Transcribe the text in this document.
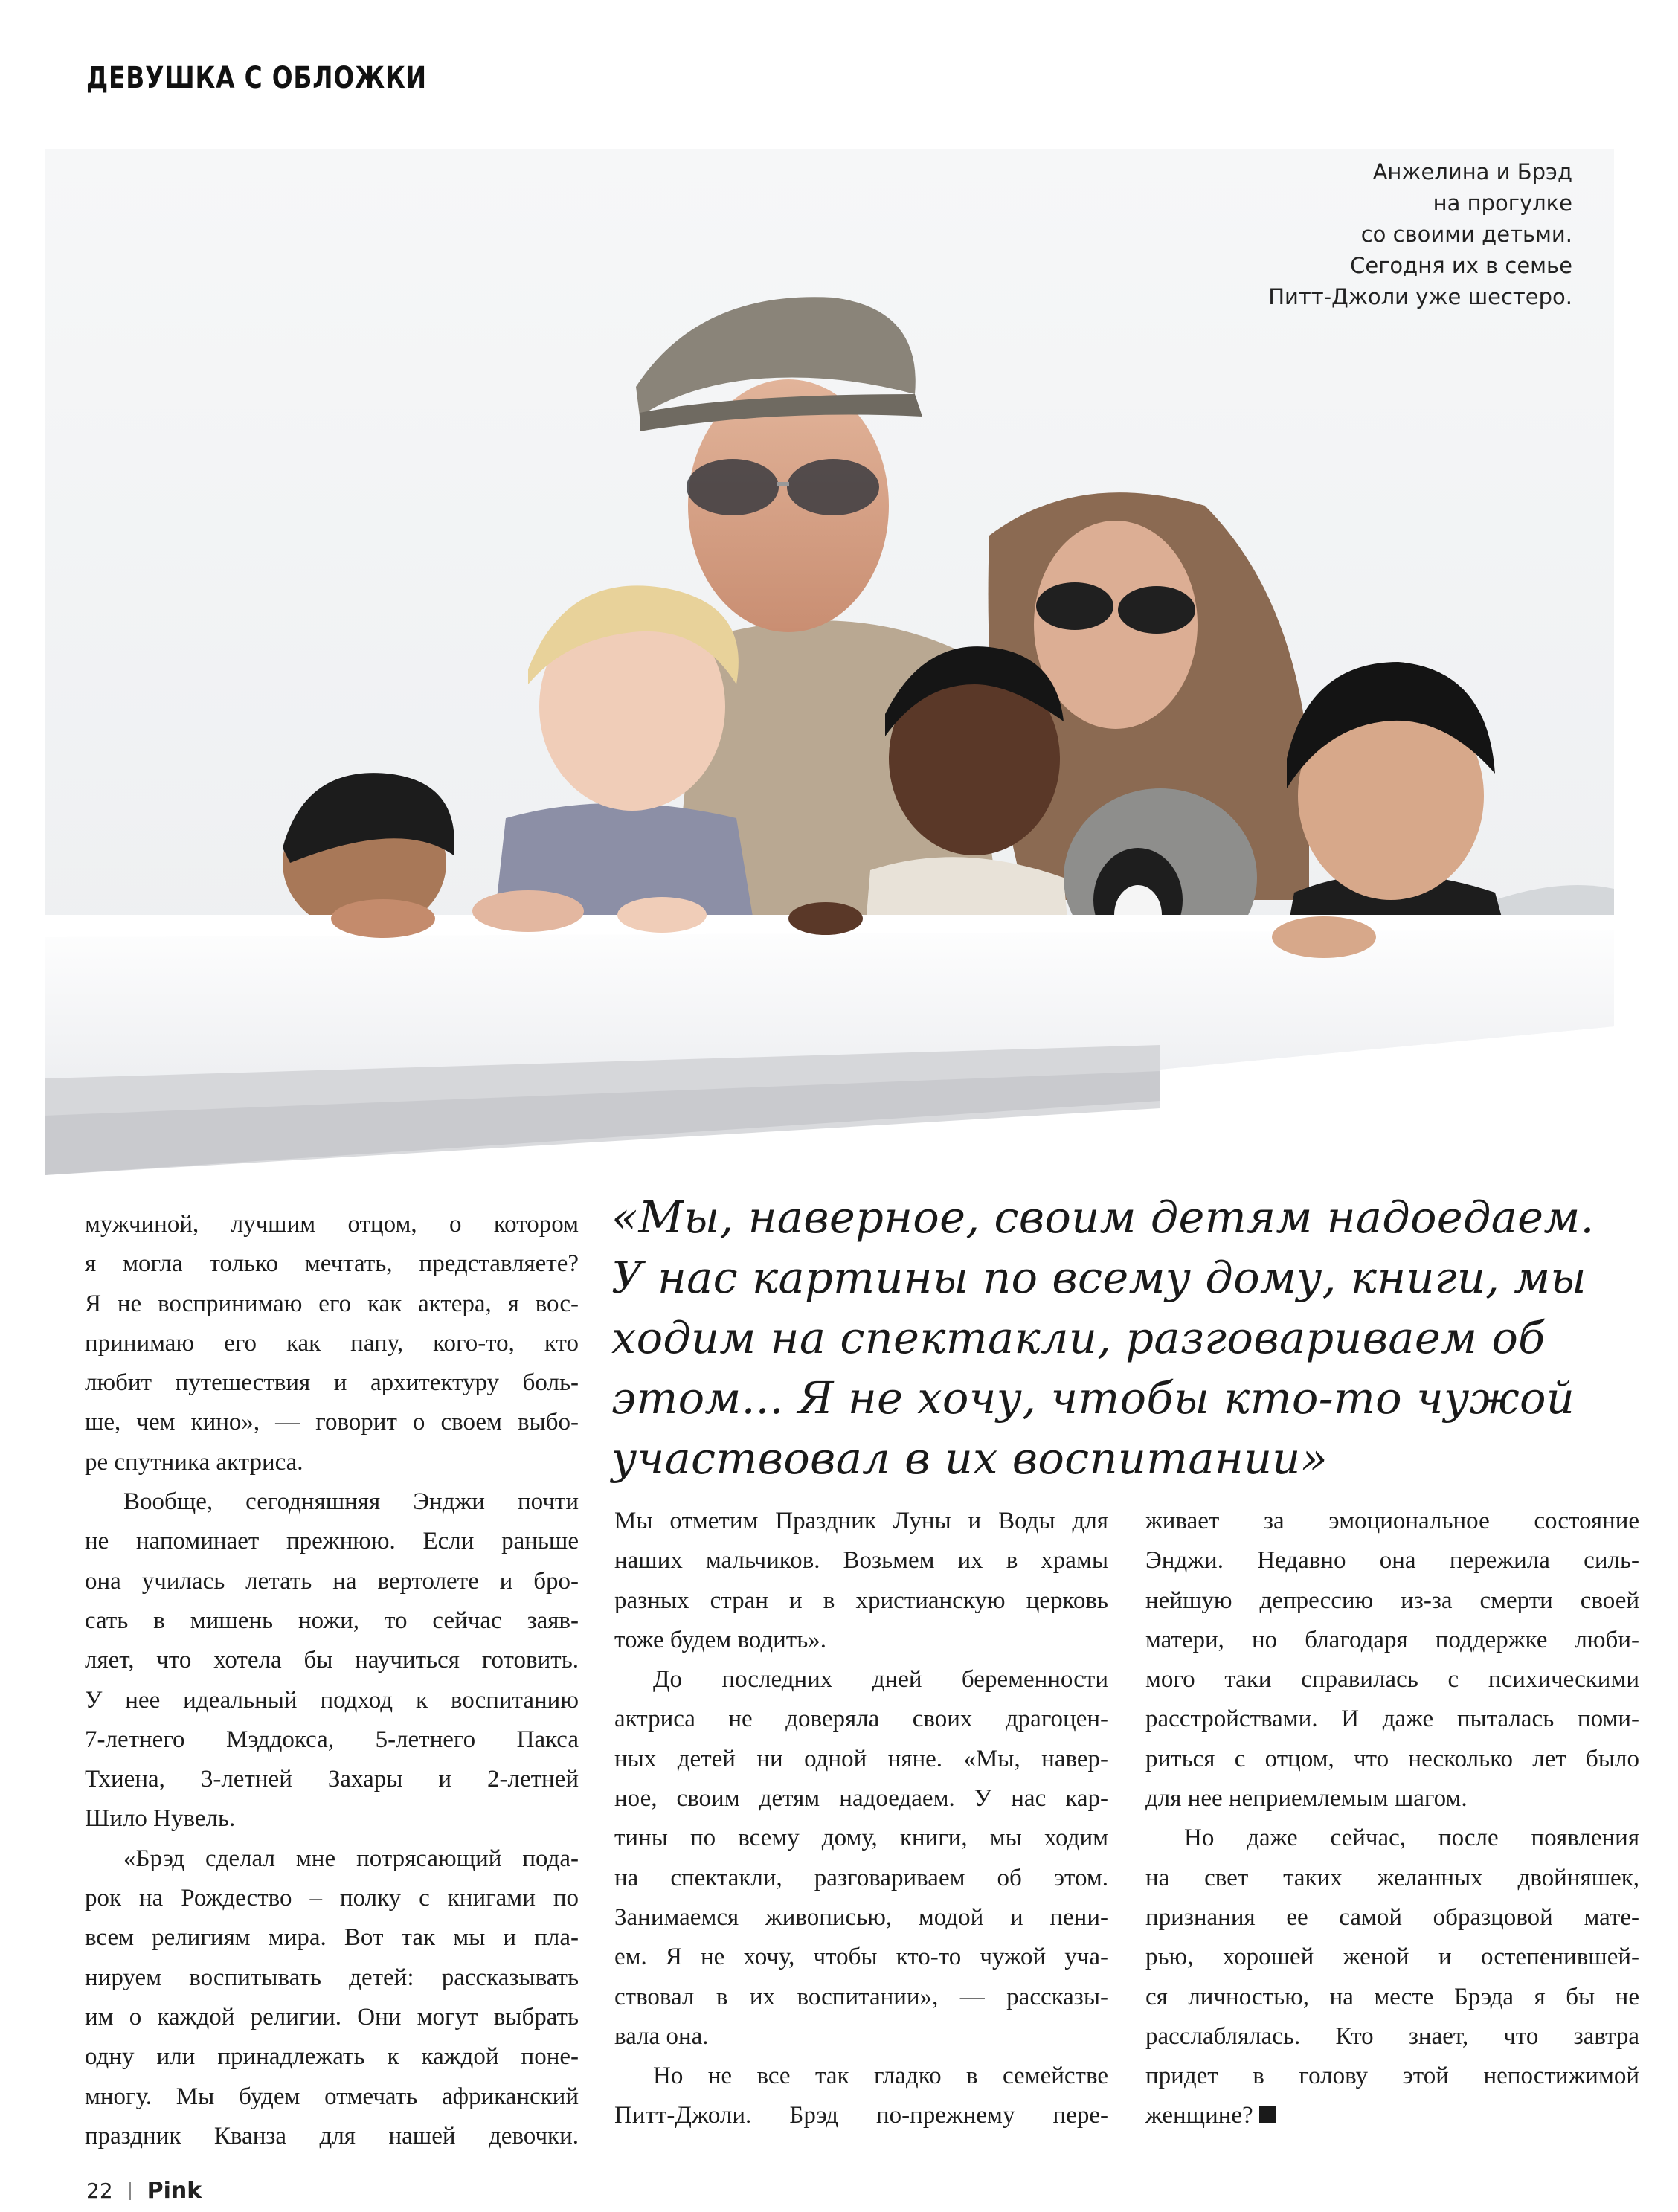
ДЕВУШКА С ОБЛОЖКИ
Анжелина и Брэд
на прогулке
со своими детьми.
Сегодня их в семье
Питт-Джоли уже шестеро.
«Мы, наверное, своим детям надоедаем.
У нас картины по всему дому, книги, мы
ходим на спектакли, разговариваем об
этом... Я не хочу, чтобы кто-то чужой
участвовал в их воспитании»
мужчиной, лучшим отцом, о котором
я могла только мечтать, представляете?
Я не воспринимаю его как актера, я вос-
принимаю его как папу, кого-то, кто
любит путешествия и архитектуру боль-
ше, чем кино», — говорит о своем выбо-
ре спутника актриса.
Вообще, сегодняшняя Энджи почти
не напоминает прежнюю. Если раньше
она училась летать на вертолете и бро-
сать в мишень ножи, то сейчас заяв-
ляет, что хотела бы научиться готовить.
У нее идеальный подход к воспитанию
7-летнего Мэддокса, 5-летнего Пакса
Тхиена, 3-летней Захары и 2-летней
Шило Нувель.
«Брэд сделал мне потрясающий пода-
рок на Рождество – полку с книгами по
всем религиям мира. Вот так мы и пла-
нируем воспитывать детей: рассказывать
им о каждой религии. Они могут выбрать
одну или принадлежать к каждой поне-
многу. Мы будем отмечать африканский
праздник Кванза для нашей девочки.
Мы отметим Праздник Луны и Воды для
наших мальчиков. Возьмем их в храмы
разных стран и в христианскую церковь
тоже будем водить».
До последних дней беременности
актриса не доверяла своих драгоцен-
ных детей ни одной няне. «Мы, навер-
ное, своим детям надоедаем. У нас кар-
тины по всему дому, книги, мы ходим
на спектакли, разговариваем об этом.
Занимаемся живописью, модой и пени-
ем. Я не хочу, чтобы кто-то чужой уча-
ствовал в их воспитании», — рассказы-
вала она.
Но не все так гладко в семействе
Питт-Джоли. Брэд по-прежнему пере-
живает за эмоциональное состояние
Энджи. Недавно она пережила силь-
нейшую депрессию из-за смерти своей
матери, но благодаря поддержке люби-
мого таки справилась с психическими
расстройствами. И даже пыталась поми-
риться с отцом, что несколько лет было
для нее неприемлемым шагом.
Но даже сейчас, после появления
на свет таких желанных двойняшек,
признания ее самой образцовой мате-
рью, хорошей женой и остепенившей-
ся личностью, на месте Брэда я бы не
расслаблялась. Кто знает, что завтра
придет в голову этой непостижимой
женщине?
22 Pink
